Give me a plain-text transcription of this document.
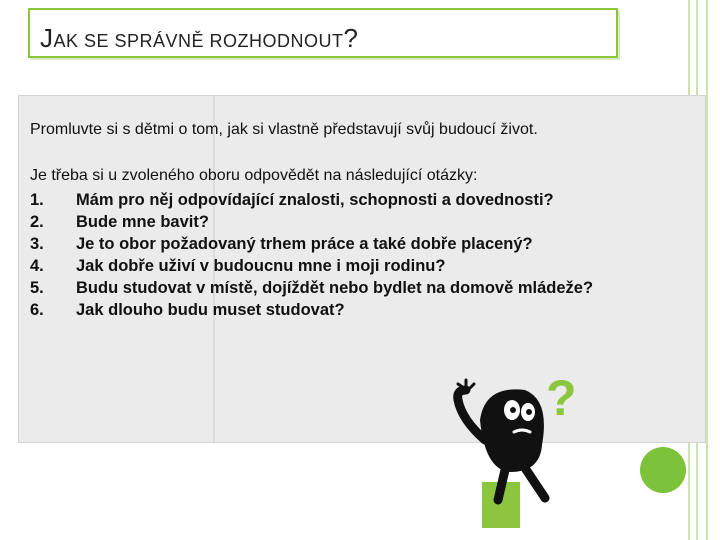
JAK SE SPRÁVNĚ ROZHODNOUT?
Promluvte si s dětmi o tom, jak si vlastně představují svůj budoucí život.
Je třeba si u zvoleného oboru odpovědět na následující otázky:
1. Mám pro něj odpovídající znalosti, schopnosti a dovednosti?
2. Bude mne bavit?
3. Je to obor požadovaný trhem práce a také dobře placený?
4. Jak dobře uživí v budoucnu mne i moji rodinu?
5. Budu studovat v místě, dojíždět nebo bydlet na domově mládeže?
6. Jak dlouho budu muset studovat?
?
